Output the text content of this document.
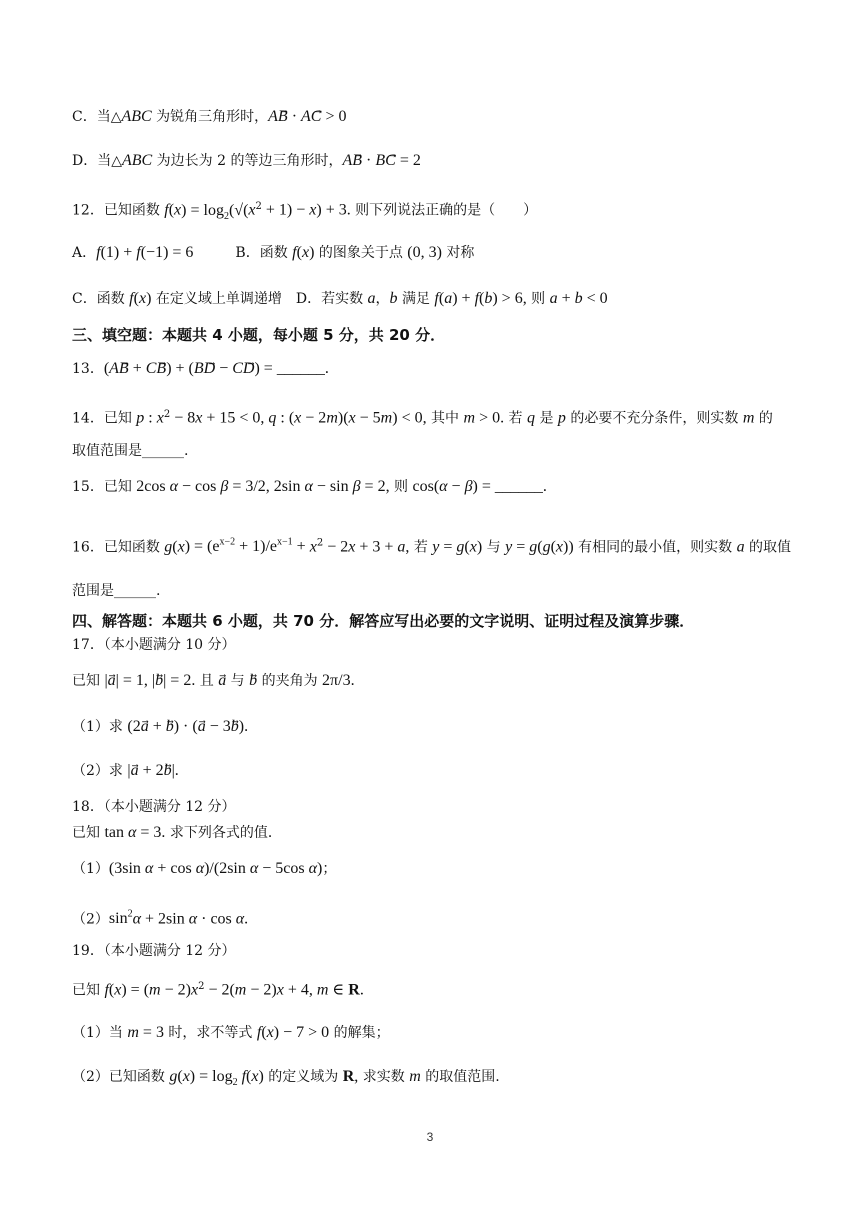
C．当△ABC 为锐角三角形时，AB · AC > 0
D．当△ABC 为边长为 2 的等边三角形时，AB · BC = 2
12．已知函数 $f(x) = \log_2(√(x^2 + 1) - x) + 3$. 则下列说法正确的是（　　）
A．f(1) + f(−1) = 6　　　B．函数 f(x) 的图象关于点 (0, 3) 对称
C．函数 f(x) 在定义域上单调递增　D．若实数 a，b 满足 f(a) + f(b) > 6, 则 a + b < 0
三、填空题：本题共 4 小题，每小题 5 分，共 20 分．
13．(AB + CB) + (BD − CD) = ______.
14．已知 p : $x^2 - 8x + 15 < 0$, q : (x − 2m)(x − 5m) < 0, 其中 m > 0. 若 q 是 p 的必要不充分条件，则实数 m 的
取值范围是______.
15．已知 2cos α − cos β = 3/2, 2sin α − sin β = 2, 则 cos(α − β) = ______.
16．已知函数 $g(x) = (e^{x-2} + 1)/e^{x-1} + x^2 - 2x + 3 + a$, 若 y = g(x) 与 y = g(g(x)) 有相同的最小值，则实数 a 的取值
范围是______.
四、解答题：本题共 6 小题，共 70 分．解答应写出必要的文字说明、证明过程及演算步骤．
17．（本小题满分 10 分）
已知 |a| = 1, |b| = 2. 且 a⃗ 与 b⃗ 的夹角为 2π/3.
（1）求 (2a + b) · (a − 3b).
（2）求 |a + 2b|.
18．（本小题满分 12 分）
已知 tan α = 3. 求下列各式的值．
（1）(3sin α + cos α)/(2sin α − 5cos α)；
$(2)\sin^2\alpha + 2\sin$ α · cos α.
19．（本小题满分 12 分）
已知 $f(x) = (m - 2)x^2 - 2(m - 2)x + 4$, m ∈ R.
（1）当 m = 3 时，求不等式 f(x) − 7 > 0 的解集；
（2）已知函数 $g(x) = \log_2 f(x)$ 的定义域为 R, 求实数 m 的取值范围.
3
